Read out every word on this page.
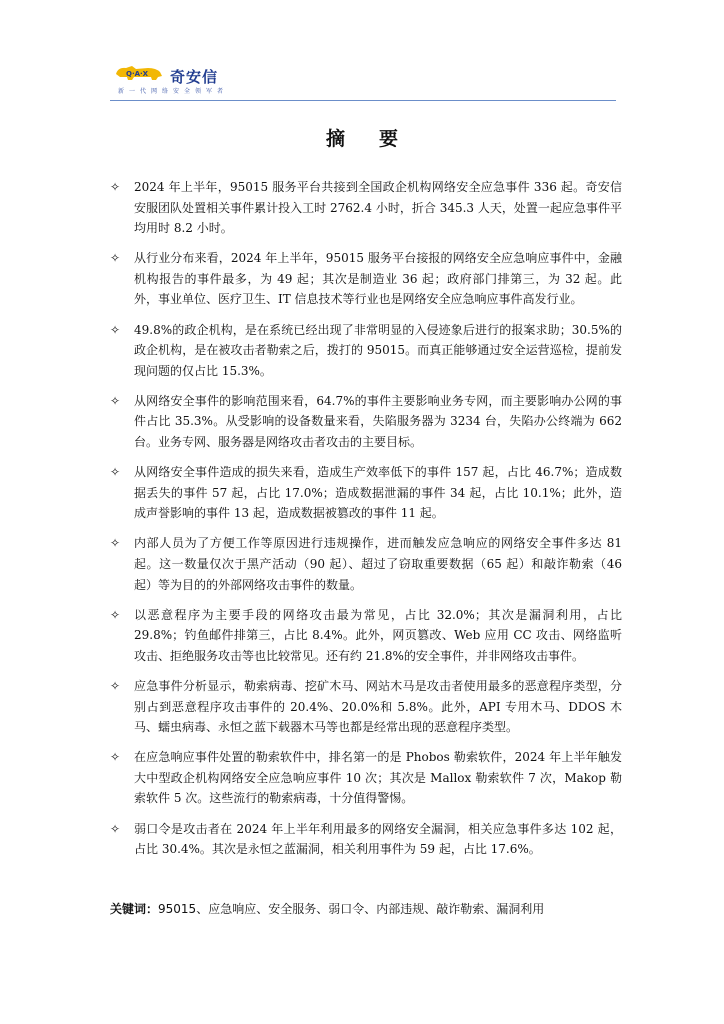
Q·A·X 奇安信
新一代网络安全领军者
摘要
✧ 2024 年上半年，95015 服务平台共接到全国政企机构网络安全应急事件 336 起。奇安信安服团队处置相关事件累计投入工时 2762.4 小时，折合 345.3 人天，处置一起应急事件平均用时 8.2 小时。
✧ 从行业分布来看，2024 年上半年，95015 服务平台接报的网络安全应急响应事件中，金融机构报告的事件最多，为 49 起；其次是制造业 36 起；政府部门排第三，为 32 起。此外，事业单位、医疗卫生、IT 信息技术等行业也是网络安全应急响应事件高发行业。
✧ 49.8%的政企机构，是在系统已经出现了非常明显的入侵迹象后进行的报案求助；30.5%的政企机构，是在被攻击者勒索之后，拨打的 95015。而真正能够通过安全运营巡检，提前发现问题的仅占比 15.3%。
✧ 从网络安全事件的影响范围来看，64.7%的事件主要影响业务专网，而主要影响办公网的事件占比 35.3%。从受影响的设备数量来看，失陷服务器为 3234 台，失陷办公终端为 662 台。业务专网、服务器是网络攻击者攻击的主要目标。
✧ 从网络安全事件造成的损失来看，造成生产效率低下的事件 157 起，占比 46.7%；造成数据丢失的事件 57 起，占比 17.0%；造成数据泄漏的事件 34 起，占比 10.1%；此外，造成声誉影响的事件 13 起，造成数据被篡改的事件 11 起。
✧ 内部人员为了方便工作等原因进行违规操作，进而触发应急响应的网络安全事件多达 81 起。这一数量仅次于黑产活动（90 起）、超过了窃取重要数据（65 起）和敲诈勒索（46 起）等为目的的外部网络攻击事件的数量。
✧ 以恶意程序为主要手段的网络攻击最为常见，占比 32.0%；其次是漏洞利用，占比 29.8%；钓鱼邮件排第三，占比 8.4%。此外，网页篡改、Web 应用 CC 攻击、网络监听攻击、拒绝服务攻击等也比较常见。还有约 21.8%的安全事件，并非网络攻击事件。
✧ 应急事件分析显示，勒索病毒、挖矿木马、网站木马是攻击者使用最多的恶意程序类型，分别占到恶意程序攻击事件的 20.4%、20.0%和 5.8%。此外，API 专用木马、DDOS 木马、蠕虫病毒、永恒之蓝下载器木马等也都是经常出现的恶意程序类型。
✧ 在应急响应事件处置的勒索软件中，排名第一的是 Phobos 勒索软件，2024 年上半年触发大中型政企机构网络安全应急响应事件 10 次；其次是 Mallox 勒索软件 7 次，Makop 勒索软件 5 次。这些流行的勒索病毒，十分值得警惕。
✧ 弱口令是攻击者在 2024 年上半年利用最多的网络安全漏洞，相关应急事件多达 102 起，占比 30.4%。其次是永恒之蓝漏洞，相关利用事件为 59 起，占比 17.6%。
关键词：95015、应急响应、安全服务、弱口令、内部违规、敲诈勒索、漏洞利用
